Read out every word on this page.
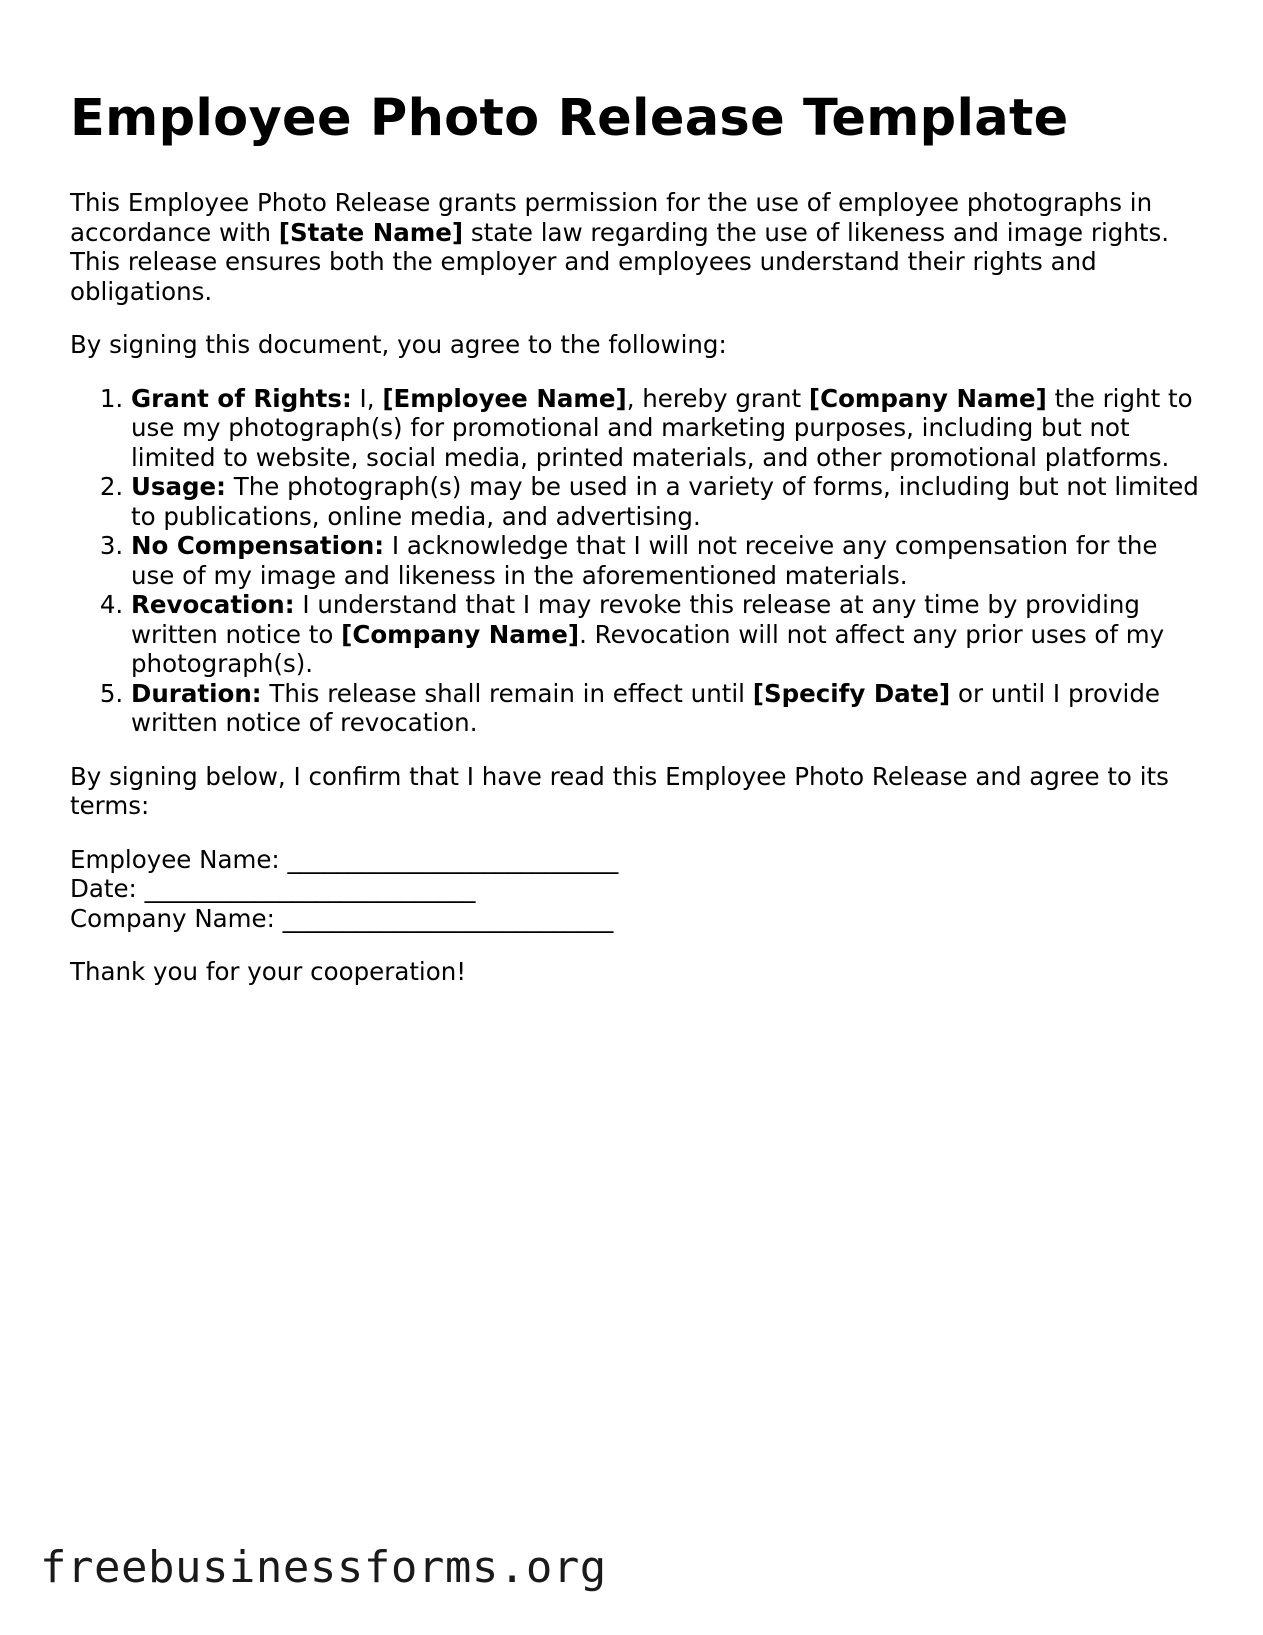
Employee Photo Release Template

This Employee Photo Release grants permission for the use of employee photographs in accordance with [State Name] state law regarding the use of likeness and image rights. This release ensures both the employer and employees understand their rights and obligations.

By signing this document, you agree to the following:

1. Grant of Rights: I, [Employee Name], hereby grant [Company Name] the right to use my photograph(s) for promotional and marketing purposes, including but not limited to website, social media, printed materials, and other promotional platforms.
2. Usage: The photograph(s) may be used in a variety of forms, including but not limited to publications, online media, and advertising.
3. No Compensation: I acknowledge that I will not receive any compensation for the use of my image and likeness in the aforementioned materials.
4. Revocation: I understand that I may revoke this release at any time by providing written notice to [Company Name]. Revocation will not affect any prior uses of my photograph(s).
5. Duration: This release shall remain in effect until [Specify Date] or until I provide written notice of revocation.

By signing below, I confirm that I have read this Employee Photo Release and agree to its terms:

Employee Name: ___________________________
Date: ___________________________
Company Name: ___________________________

Thank you for your cooperation!

freebusinessforms.org
